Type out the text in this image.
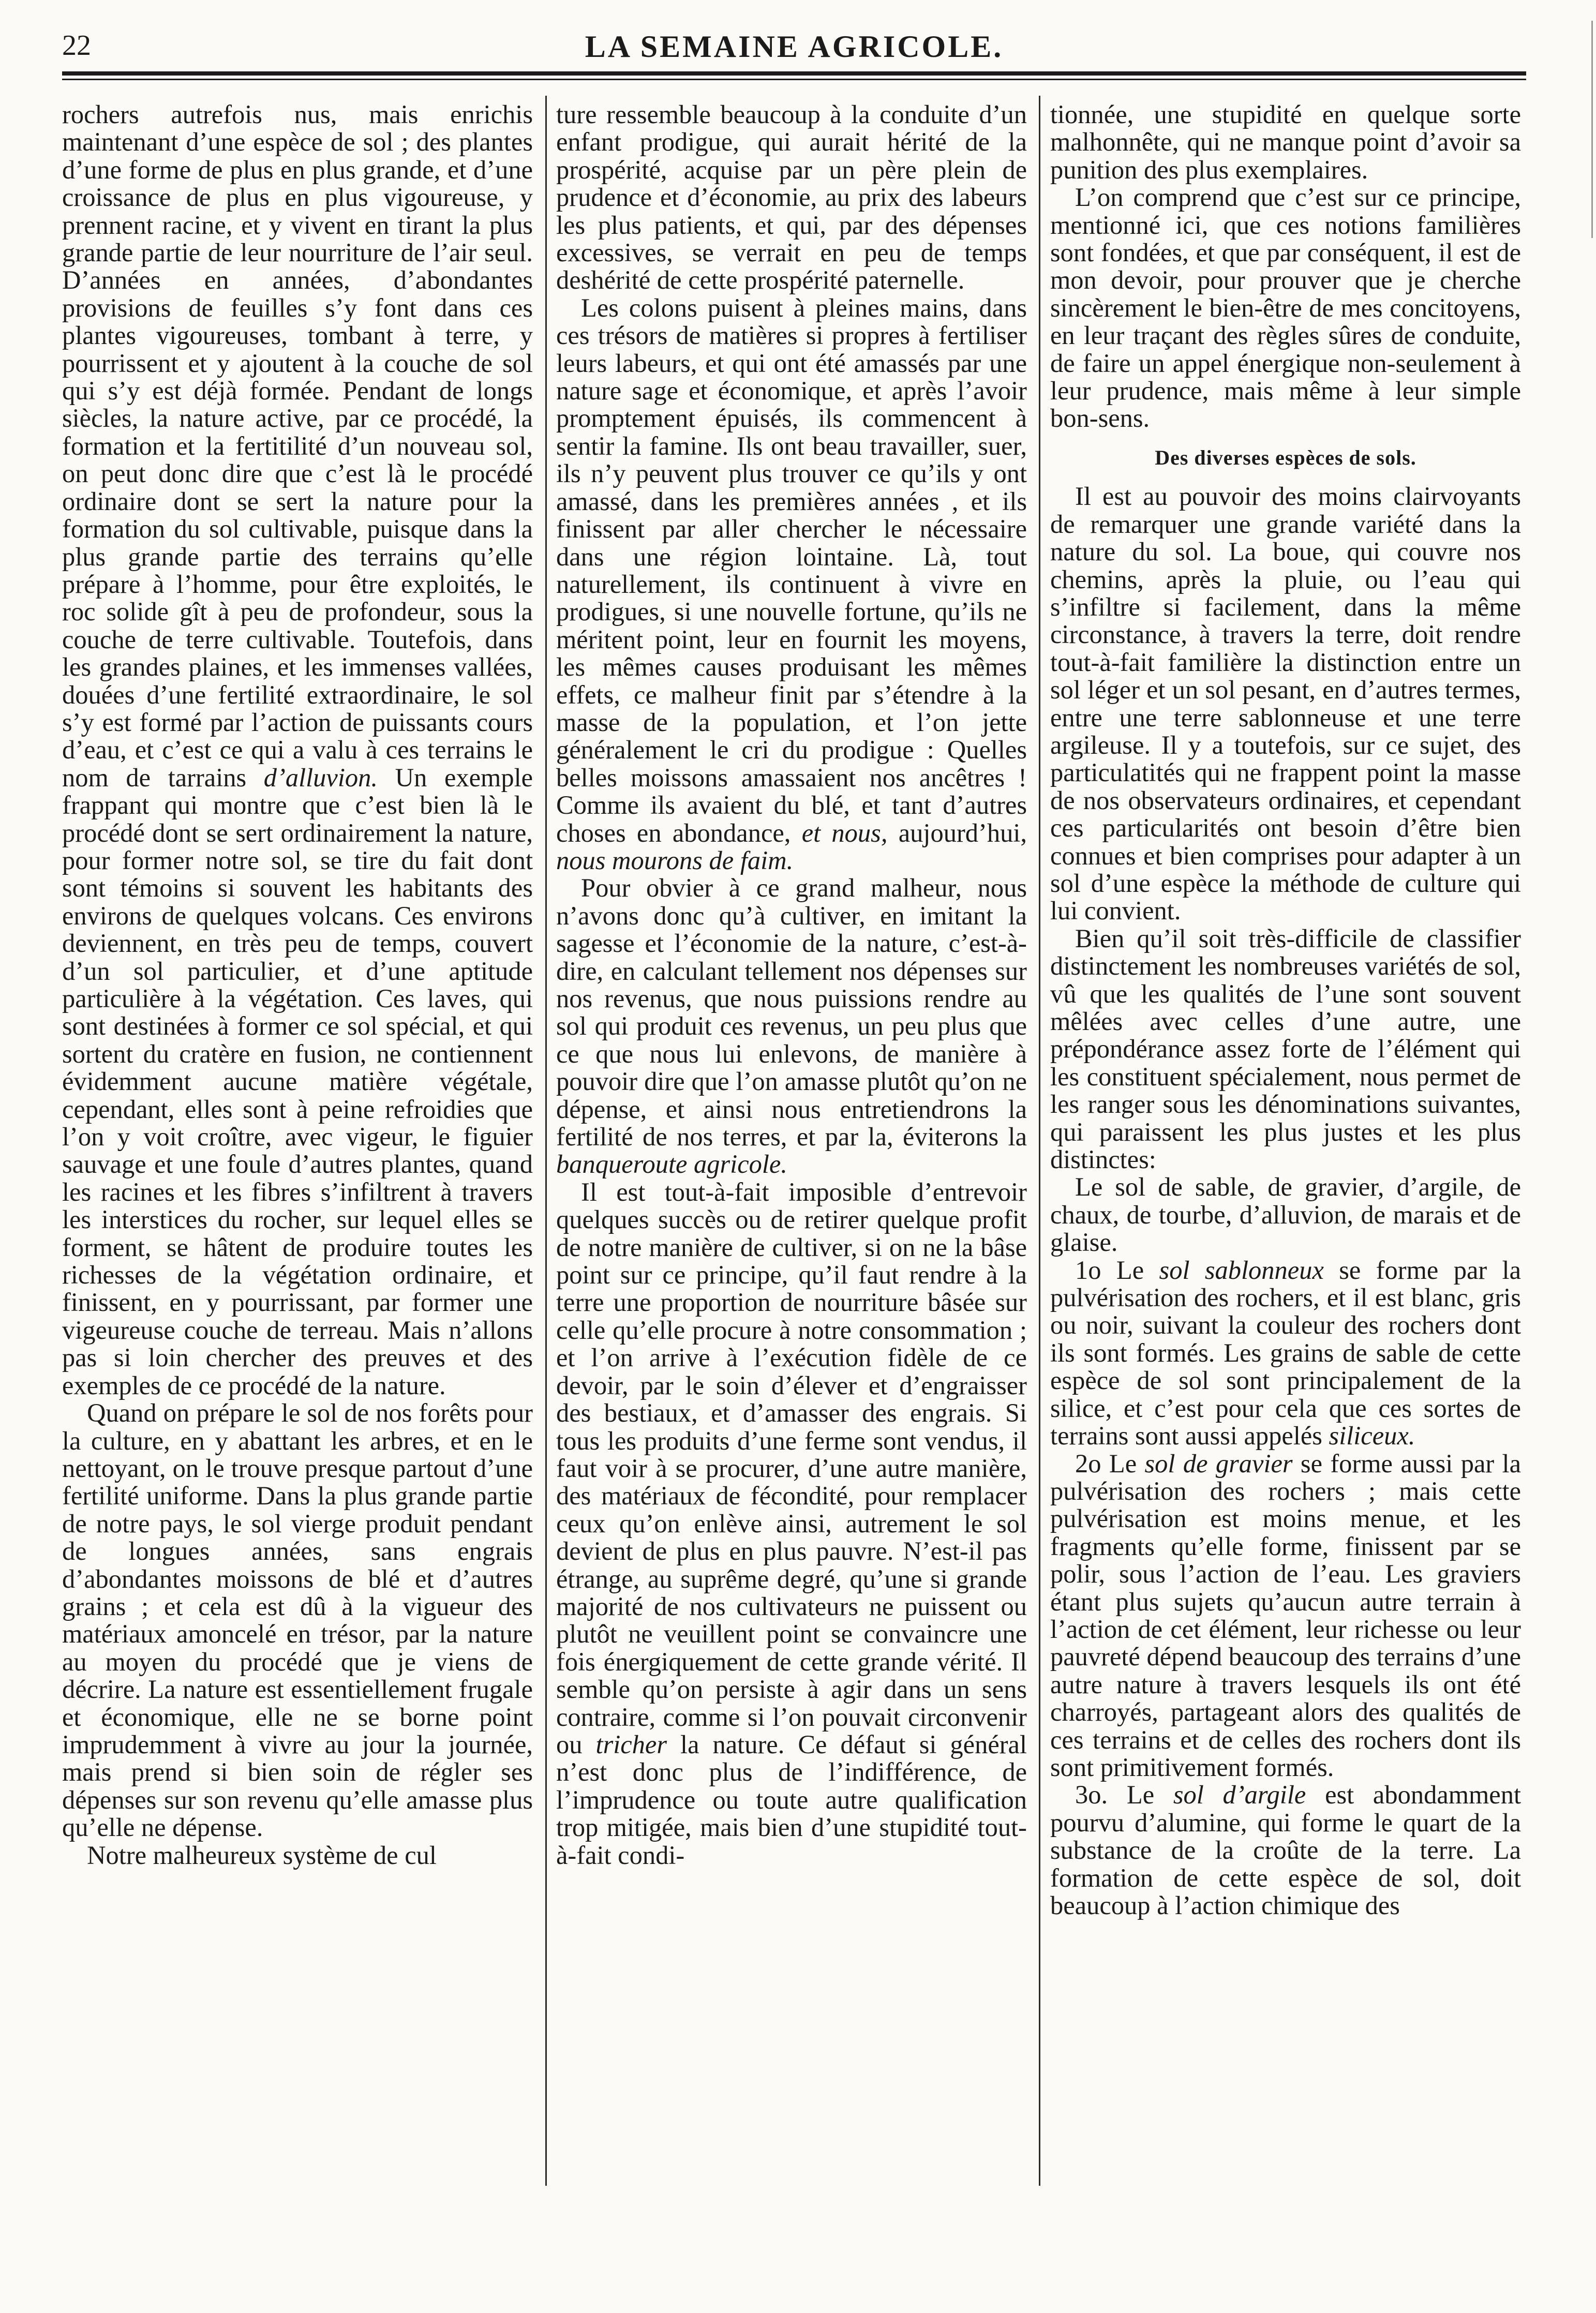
22	LA SEMAINE AGRICOLE.

rochers autrefois nus, mais enrichis maintenant d’une espèce de sol ; des plantes d’une forme de plus en plus grande, et d’une croissance de plus en plus vigoureuse, y prennent racine, et y vivent en tirant la plus grande partie de leur nourriture de l’air seul. D’années en années, d’abondantes provisions de feuilles s’y font dans ces plantes vigoureuses, tombant à terre, y pourrissent et y ajoutent à la couche de sol qui s’y est déjà formée. Pendant de longs siècles, la nature active, par ce procédé, la formation et la fertitilité d’un nouveau sol, on peut donc dire que c’est là le procédé ordinaire dont se sert la nature pour la formation du sol cultivable, puisque dans la plus grande partie des terrains qu’elle prépare à l’homme, pour être exploités, le roc solide gît à peu de profondeur, sous la couche de terre cultivable. Toutefois, dans les grandes plaines, et les immenses vallées, douées d’une fertilité extraordinaire, le sol s’y est formé par l’action de puissants cours d’eau, et c’est ce qui a valu à ces terrains le nom de tarrains d’alluvion. Un exemple frappant qui montre que c’est bien là le procédé dont se sert ordinairement la nature, pour former notre sol, se tire du fait dont sont témoins si souvent les habitants des environs de quelques volcans. Ces environs deviennent, en très peu de temps, couvert d’un sol particulier, et d’une aptitude particulière à la végétation. Ces laves, qui sont destinées à former ce sol spécial, et qui sortent du cratère en fusion, ne contiennent évidemment aucune matière végétale, cependant, elles sont à peine refroidies que l’on y voit croître, avec vigeur, le figuier sauvage et une foule d’autres plantes, quand les racines et les fibres s’infiltrent à travers les interstices du rocher, sur lequel elles se forment, se hâtent de produire toutes les richesses de la végétation ordinaire, et finissent, en y pourrissant, par former une vigeureuse couche de terreau. Mais n’allons pas si loin chercher des preuves et des exemples de ce procédé de la nature.

Quand on prépare le sol de nos forêts pour la culture, en y abattant les arbres, et en le nettoyant, on le trouve presque partout d’une fertilité uniforme. Dans la plus grande partie de notre pays, le sol vierge produit pendant de longues années, sans engrais d’abondantes moissons de blé et d’autres grains ; et cela est dû à la vigueur des matériaux amoncelé en trésor, par la nature au moyen du procédé que je viens de décrire. La nature est essentiellement frugale et économique, elle ne se borne point imprudemment à vivre au jour la journée, mais prend si bien soin de régler ses dépenses sur son revenu qu’elle amasse plus qu’elle ne dépense.

Notre malheureux système de cul

ture ressemble beaucoup à la conduite d’un enfant prodigue, qui aurait hérité de la prospérité, acquise par un père plein de prudence et d’économie, au prix des labeurs les plus patients, et qui, par des dépenses excessives, se verrait en peu de temps deshérité de cette prospérité paternelle.

Les colons puisent à pleines mains, dans ces trésors de matières si propres à fertiliser leurs labeurs, et qui ont été amassés par une nature sage et économique, et après l’avoir promptement épuisés, ils commencent à sentir la famine. Ils ont beau travailler, suer, ils n’y peuvent plus trouver ce qu’ils y ont amassé, dans les premières années , et ils finissent par aller chercher le nécessaire dans une région lointaine. Là, tout naturellement, ils continuent à vivre en prodigues, si une nouvelle fortune, qu’ils ne méritent point, leur en fournit les moyens, les mêmes causes produisant les mêmes effets, ce malheur finit par s’étendre à la masse de la population, et l’on jette généralement le cri du prodigue : Quelles belles moissons amassaient nos ancêtres ! Comme ils avaient du blé, et tant d’autres choses en abondance, et nous, aujourd’hui, nous mourons de faim.

Pour obvier à ce grand malheur, nous n’avons donc qu’à cultiver, en imitant la sagesse et l’économie de la nature, c’est-à-dire, en calculant tellement nos dépenses sur nos revenus, que nous puissions rendre au sol qui produit ces revenus, un peu plus que ce que nous lui enlevons, de manière à pouvoir dire que l’on amasse plutôt qu’on ne dépense, et ainsi nous entretiendrons la fertilité de nos terres, et par la, éviterons la banqueroute agricole.

Il est tout-à-fait imposible d’entrevoir quelques succès ou de retirer quelque profit de notre manière de cultiver, si on ne la bâse point sur ce principe, qu’il faut rendre à la terre une proportion de nourriture bâsée sur celle qu’elle procure à notre consommation ; et l’on arrive à l’exécution fidèle de ce devoir, par le soin d’élever et d’engraisser des bestiaux, et d’amasser des engrais. Si tous les produits d’une ferme sont vendus, il faut voir à se procurer, d’une autre manière, des matériaux de fécondité, pour remplacer ceux qu’on enlève ainsi, autrement le sol devient de plus en plus pauvre. N’est-il pas étrange, au suprême degré, qu’une si grande majorité de nos cultivateurs ne puissent ou plutôt ne veuillent point se convaincre une fois énergiquement de cette grande vérité. Il semble qu’on persiste à agir dans un sens contraire, comme si l’on pouvait circonvenir ou tricher la nature. Ce défaut si général n’est donc plus de l’indifférence, de l’imprudence ou toute autre qualification trop mitigée, mais bien d’une stupidité tout-à-fait condi-

tionnée, une stupidité en quelque sorte malhonnête, qui ne manque point d’avoir sa punition des plus exemplaires.

L’on comprend que c’est sur ce principe, mentionné ici, que ces notions familières sont fondées, et que par conséquent, il est de mon devoir, pour prouver que je cherche sincèrement le bien-être de mes concitoyens, en leur traçant des règles sûres de conduite, de faire un appel énergique non-seulement à leur prudence, mais même à leur simple bon-sens.

Des diverses espèces de sols.

Il est au pouvoir des moins clairvoyants de remarquer une grande variété dans la nature du sol. La boue, qui couvre nos chemins, après la pluie, ou l’eau qui s’infiltre si facilement, dans la même circonstance, à travers la terre, doit rendre tout-à-fait familière la distinction entre un sol léger et un sol pesant, en d’autres termes, entre une terre sablonneuse et une terre argileuse. Il y a toutefois, sur ce sujet, des particulatités qui ne frappent point la masse de nos observateurs ordinaires, et cependant ces particularités ont besoin d’être bien connues et bien comprises pour adapter à un sol d’une espèce la méthode de culture qui lui convient.

Bien qu’il soit très-difficile de classifier distinctement les nombreuses variétés de sol, vû que les qualités de l’une sont souvent mêlées avec celles d’une autre, une prépondérance assez forte de l’élément qui les constituent spécialement, nous permet de les ranger sous les dénominations suivantes, qui paraissent les plus justes et les plus distinctes:

Le sol de sable, de gravier, d’argile, de chaux, de tourbe, d’alluvion, de marais et de glaise.

1o Le sol sablonneux se forme par la pulvérisation des rochers, et il est blanc, gris ou noir, suivant la couleur des rochers dont ils sont formés. Les grains de sable de cette espèce de sol sont principalement de la silice, et c’est pour cela que ces sortes de terrains sont aussi appelés siliceux.

2o Le sol de gravier se forme aussi par la pulvérisation des rochers ; mais cette pulvérisation est moins menue, et les fragments qu’elle forme, finissent par se polir, sous l’action de l’eau. Les graviers étant plus sujets qu’aucun autre terrain à l’action de cet élément, leur richesse ou leur pauvreté dépend beaucoup des terrains d’une autre nature à travers lesquels ils ont été charroyés, partageant alors des qualités de ces terrains et de celles des rochers dont ils sont primitivement formés.

3o. Le sol d’argile est abondamment pourvu d’alumine, qui forme le quart de la substance de la croûte de la terre. La formation de cette espèce de sol, doit beaucoup à l’action chimique des
